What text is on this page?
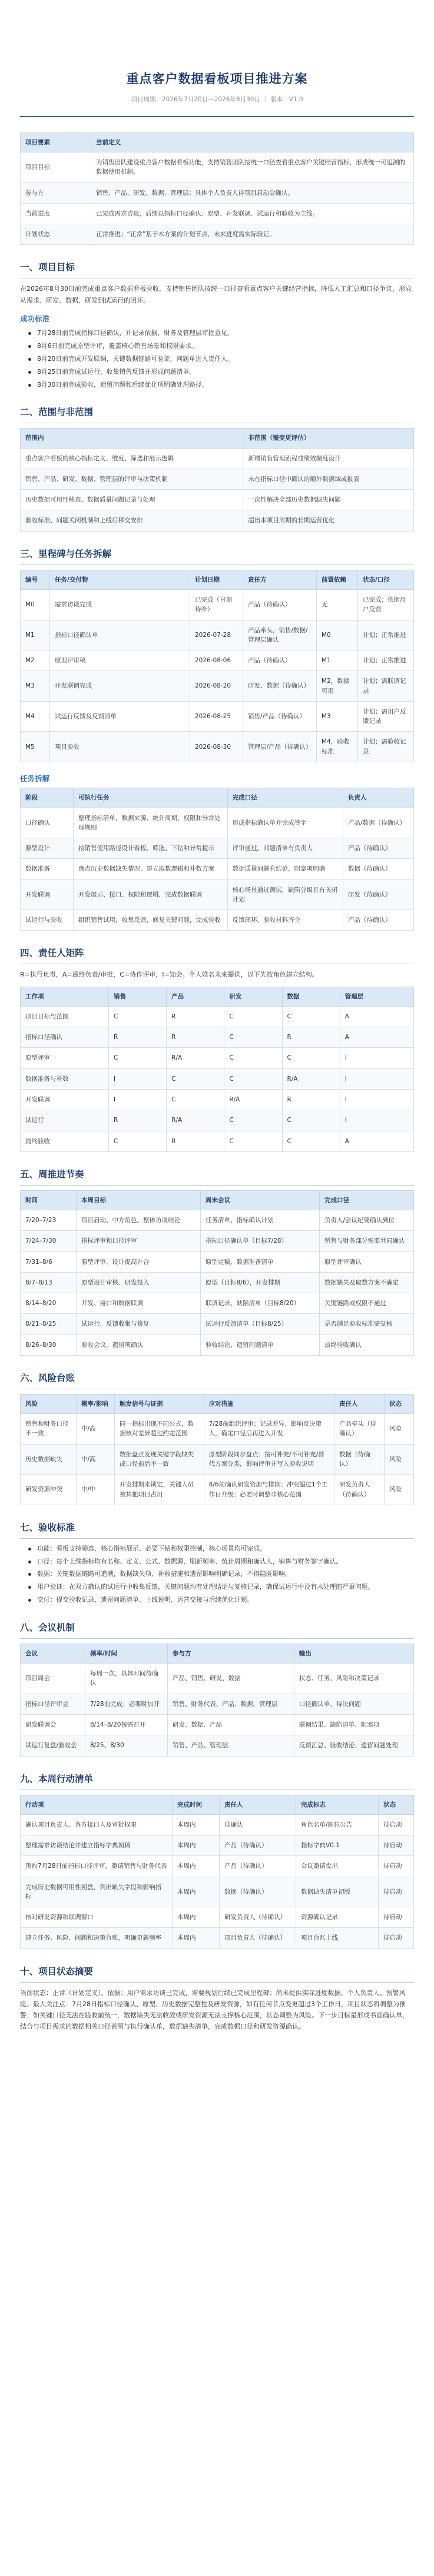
重点客户数据看板项目推进方案
项目周期：2026年7月20日—2026年8月30日 ｜ 版本：V1.0
项目要素	当前定义
项目目标	为销售团队建设重点客户数据看板功能，支持销售团队按统一口径查看重点客户关键经营指标，形成统一可追溯的数据使用机制。
参与方	销售、产品、研发、数据、管理层；具体个人负责人待项目启动会确认。
当前进度	已完成需求访谈，后续以指标口径确认、原型、开发联调、试运行和验收为主线。
计划状态	正常推进；“正常”基于本方案的计划节点，未来进度需实际验证。
一、项目目标
在2026年8月30日前完成重点客户数据看板验收，支持销售团队按统一口径查看重点客户关键经营指标，降低人工汇总和口径争议，形成从需求、研发、数据、研发到试运行的闭环。
成功标准
7月28日前完成指标口径确认，并记录依据、财务及管理层审批意见。
8月6日前完成原型评审，覆盖核心销售场景和权限要求。
8月20日前完成开发联调，关键数据链路可验证，问题单进入责任人。
8月25日前完成试运行，收集销售反馈并形成问题清单。
8月30日前完成验收，遗留问题和后续优化项明确处理路径。
二、范围与非范围
范围内	非范围（需变更评估）
重点客户看板的核心指标定义、维度、筛选和展示逻辑	新增销售管理流程或绩效制度设计
销售、产品、研发、数据、管理层的评审与决策机制	未在指标口径中确认的额外数据域或报表
历史数据可用性核查、数据质量问题记录与处理	一次性解决全部历史数据缺失问题
验收标准、问题关闭机制和上线后移交安排	超出本项目周期的长期运营优化
三、里程碑与任务拆解
编号	任务/交付物	计划日期	责任方	前置依赖	状态/口径
M0	需求访谈完成	已完成（日期待补）	产品（待确认）	无	已完成；依据用户反馈
M1	指标口径确认单	2026-07-28	产品牵头，销售/数据/管理层确认	M0	计划；正常推进
M2	原型评审稿	2026-08-06	产品（待确认）	M1	计划；正常推进
M3	开发联调完成	2026-08-20	研发、数据（待确认）	M2，数据可用	计划；需联调记录
M4	试运行反馈及反馈清单	2026-08-25	销售/产品（待确认）	M3	计划；需用户反馈记录
M5	项目验收	2026-08-30	管理层/产品（待确认）	M4，验收标准	计划；需验收记录
任务拆解
阶段	可执行任务	完成口径	负责人
口径确认	整理指标清单，数据来源、统计周期、权限和异常处理规则	形成指标确认单并完成签字	产品/数据（待确认）
原型设计	按销售使用路径设计看板、筛选、下钻和异常提示	评审通过，问题清单有负责人	产品（待确认）
数据准备	盘点历史数据缺失情况，建立取数逻辑和补数方案	数据质量问题有结论，阻塞项明确	数据（待确认）
开发联调	开发展示、接口、权限和逻辑，完成数据联调	核心场景通过测试，缺陷分级且有关闭计划	研发（待确认）
试运行与验收	组织销售试用，收集反馈，修复关键问题，完成验收	反馈闭环，验收材料齐全	产品（待确认）
四、责任人矩阵
R=执行负责，A=最终负责/审批，C=协作评审，I=知会。个人姓名未来提供，以下先按角色建立结构。
工作项	销售	产品	研发	数据	管理层
项目目标与范围	C	R	C	C	A
指标口径确认	R	R	C	R	A
原型评审	C	R/A	C	C	I
数据准备与补数	I	C	C	R/A	I
开发联调	I	C	R/A	R	I
试运行	R	R/A	C	C	I
最终验收	C	R	C	C	A
五、周推进节奏
时间	本周目标	周末会议	完成口径
7/20–7/23	项目启动、中方角色、整体访谈结论	任务清单、指标确认计划	负责人/会议纪要确认到位
7/24–7/30	指标评审和口径评审	指标口径确认单（目标7/28）	销售与财务部分需要共同确认
7/31–8/6	原型评审，设计提高并合	原型定稿、数据准备清单	原型评审确认
8/7–8/13	原型设计审核、研发投入	原型（目标8/6），开发排期	数据缺失及取数方案不确定
8/14–8/20	开发、接口和数据联调	联调记录、缺陷清单（目标8/20）	关键链路或权限不通过
8/21–8/25	试运行，反馈收集与修复	试运行反馈清单（目标8/25）	是否满足验收标准需复核
8/26–8/30	验收会议，遗留项确认	验收结论、遗留问题清单	最终验收确认
六、风险台账
风险	概率/影响	触发信号与证据	应对措施	责任人	状态
销售和财务口径不一致	中/高	同一指标出现不同公式，数据核对差异超过约定范围	7/28前组织评审；记录差异、影响及决策人，确定口径后再进入开发	产品牵头（待确认）	风险
历史数据缺失	中/高	数据盘点发现关键字段缺失或口径前后不一致	原型阶段同步盘点；按可补充/不可补充/替代方案分类，影响评审并写入验收说明	数据（待确认）	风险
研发资源冲突	中/中	开发排期未锁定，关键人员被其他项目占用	8/6前确认研发资源与排期；冲突超过1个工作日升级；必要时调整非核心范围	研发负责人（待确认）	风险
七、验收标准
功能：看板支持筛选、核心指标展示、必要下钻和权限控制，核心场景均可完成。
口径：每个上线指标均有名称、定义、公式、数据源、刷新频率、统计周期和确认人，销售与财务签字确认。
数据：关键数据链路可追溯，数据缺失项、补救措施和遗留影响明确记录，不得隐匿影响。
用户验证：在双方确认的试运行中收集反馈，关键问题均有处理结论与复核记录，确保试运行中没有未处理的严重问题。
交付：提交验收记录、遗留问题清单、上线说明、运营交接与后续优化计划。
八、会议机制
会议	频率/时间	参与方	输出
项目周会	每周一次，具体时间待确认	产品、销售、研发、数据	状态、任务、风险和决策记录
指标口径评审会	7/28前完成；必要时加开	销售、财务代表、产品、数据、管理层	口径确认单、待决问题
研发联调会	8/14–8/20按需召开	研发、数据、产品	联调结果、缺陷清单、阻塞项
试运行复盘/验收会	8/25、8/30	销售、产品、管理层	反馈汇总、验收结论、遗留问题处理
九、本周行动清单
行动项	完成时间	责任人	完成标志	状态
确认项目负责人、各方接口人及审批权限	本周内	待确认	角色名单/职位公告	待启动
整理需求访谈结论并建立指标字典初稿	本周内	产品（待确认）	指标字典V0.1	待启动
预约7月28日前指标口径评审，邀请销售与财务代表	本周内	产品（待确认）	会议邀请发出	待启动
完成历史数据可用性初盘，列出缺失字段和影响指标	本周内	数据（待确认）	数据缺失清单初版	待启动
核对研发资源和联调窗口	本周内	研发负责人（待确认）	资源确认记录	待启动
建立任务、风险、问题和决策台账，明确更新频率	本周内	项目负责人（待确认）	项目台账上线	待启动
十、项目状态摘要
当前状态：正常（计划定义）。依据：用户需求访谈已完成，需要规划后续已完成里程碑；尚未提供实际进度数据、个人负责人、预警风险。最大关注点：7月28日指标口径确认、原型、历史数据完整性及研发资源，如有任何节点变更超过3个工作日，项目状态将调整为预警；如关键口径无法在验收前统一，数据缺失无法收敛或研发资源无法支撑核心范围，状态调整为风险。下一步目标是形成书面确认单，结合与项目需求的数据相关口径说明与执行确认单，数据缺失清单，完成数据口径和研发资源确认。
